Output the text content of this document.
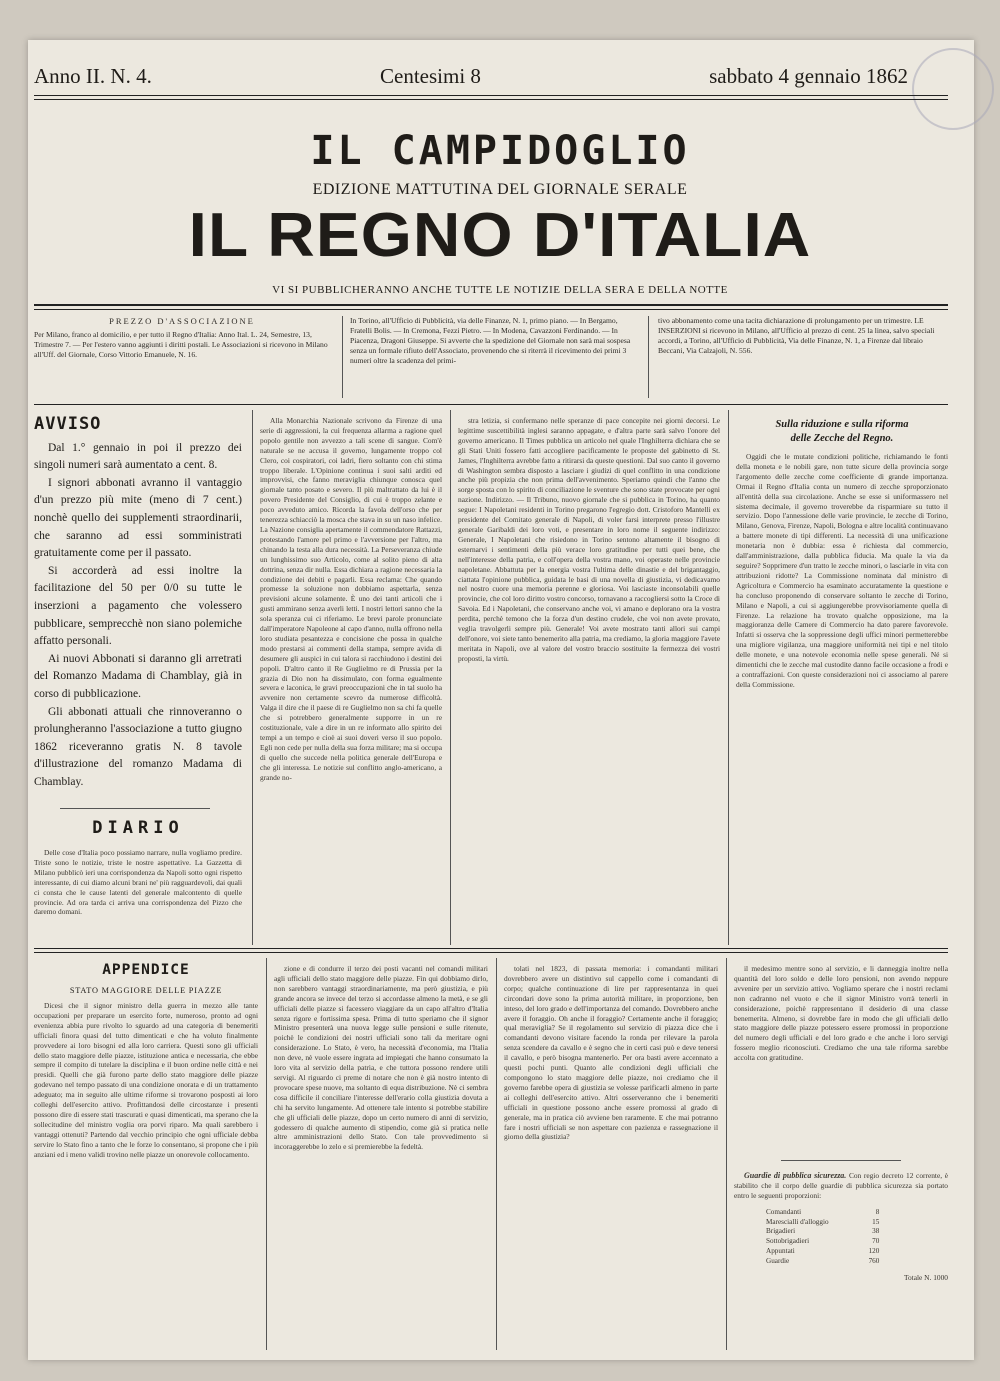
Anno II. N. 4.	Centesimi 8	sabbato 4 gennaio 1862
IL CAMPIDOGLIO
EDIZIONE MATTUTINA DEL GIORNALE SERALE
IL REGNO D'ITALIA
VI SI PUBBLICHERANNO ANCHE TUTTE LE NOTIZIE DELLA SERA E DELLA NOTTE
PREZZO D'ASSOCIAZIONE
Per Milano, franco al domicilio, e per tutto il Regno d'Italia: Anno Ital. L. 24, Semestre, 13, Trimestre 7. — Per l'estero vanno aggiunti i diritti postali. Le Associazioni si ricevono in Milano all'Uff. del Giornale, Corso Vittorio Emanuele, N. 16.
In Torino, all'Ufficio di Pubblicità, via delle Finanze, N. 1, primo piano. — In Bergamo, Fratelli Bolis. — In Cremona, Fezzi Pietro. — In Modena, Cavazzoni Ferdinando. — In Piacenza, Dragoni Giuseppe. Si avverte che la spedizione del Giornale non sarà mai sospesa senza un formale rifiuto dell'Associato, provenendo che si riterrà il ricevimento dei primi 3 numeri oltre la scadenza del primi-
tivo abbonamento come una tacita dichiarazione di prolungamento per un trimestre. LE INSERZIONI si ricevono in Milano, all'Ufficio al prezzo di cent. 25 la linea, salvo speciali accordi, a Torino, all'Ufficio di Pubblicità, Via delle Finanze, N. 1, a Firenze dal libraio Beccani, Via Calzajoli, N. 556.
AVVISO

Dal 1.° gennaio in poi il prezzo dei singoli numeri sarà aumentato a cent. 8.

I signori abbonati avranno il vantaggio d'un prezzo più mite (meno di 7 cent.) nonchè quello dei supplementi straordinarii, che saranno ad essi somministrati gratuitamente come per il passato.

Si accorderà ad essi inoltre la facilitazione del 50 per 0/0 su tutte le inserzioni a pagamento che volessero pubblicare, semprecchè non siano polemiche affatto personali.

Ai nuovi Abbonati si daranno gli arretrati del Romanzo Madama di Chamblay, già in corso di pubblicazione.

Gli abbonati attuali che rinnoveranno o prolungheranno l'associazione a tutto giugno 1862 riceveranno gratis N. 8 tavole d'illustrazione del romanzo Madama di Chamblay.

DIARIO

Delle cose d'Italia poco possiamo narrare, nulla vogliamo predire. Triste sono le notizie, triste le nostre aspettative. La Gazzetta di Milano pubblicò ieri una corrispondenza da Napoli sotto ogni rispetto interessante, di cui diamo alcuni brani ne' più ragguardevoli, dai quali ci consta che le cause latenti del generale malcontento di quelle provincie. Ad ora tarda ci arriva una corrispondenza del Pizzo che daremo domani.

Alla Monarchia Nazionale scrivono da Firenze di una serie di aggressioni, la cui frequenza allarma a ragione quel popolo gentile non avvezzo a tali scene di sangue. Com'è naturale se ne accusa il governo, lungamente troppo col Clero, coi cospiratori, coi ladri, fiero soltanto con chi stima troppo liberale. L'Opinione continua i suoi salti arditi ed improvvisi, che fanno meraviglia chiunque conosca quel giornale tanto posato e severo. Il più maltrattato da lui è il povero Presidente del Consiglio, di cui è troppo zelante e poco avveduto amico. Ricorda la favola dell'orso che per tenerezza schiacciò la mosca che stava in su un naso infelice. La Nazione consiglia apertamente il commendatore Rattazzi, protestando l'amore pel primo e l'avversione per l'altro, ma chinando la testa alla dura necessità. La Perseveranza chiude un lunghissimo suo Articolo, come al solito pieno di alta dottrina, senza dir nulla. Essa dichiara a ragione necessaria la condizione dei debiti e pagarli. Essa reclama: Che quando promesse la soluzione non dobbiamo aspettarla, senza previsioni alcune solamente. È uno dei tanti articoli che i gusti ammirano senza averli letti. I nostri lettori sanno che la sola speranza cui ci riferiamo. Le brevi parole pronunciate dall'imperatore Napoleone al capo d'anno, nulla offrono nella loro studiata pesantezza e concisione che possa in qualche modo prestarsi ai commenti della stampa, sempre avida di desumere gli auspici in cui talora si racchiudono i destini dei popoli. D'altro canto il Re Guglielmo re di Prussia per la grazia di Dio non ha dissimulato, con forma egualmente severa e laconica, le gravi preoccupazioni che in tal suolo ha avvenire non certamente scevro da numerose difficoltà. Valga il dire che il paese di re Guglielmo non sa chi fa quelle che si potrebbero generalmente supporre in un re costituzionale, vale a dire in un re informato allo spirito dei tempi a un tempo e cioè ai suoi doveri verso il suo popolo. Egli non cede per nulla della sua forza militare; ma si occupa di quello che succede nella politica generale dell'Europa e che gli interessa. Le notizie sul conflitto anglo-americano, a grande no-

stra letizia, si confermano nelle speranze di pace concepite nei giorni decorsi. Le legittime suscettibilità inglesi saranno appagate, e d'altra parte sarà salvo l'onore del governo americano. Il Times pubblica un articolo nel quale l'Inghilterra dichiara che se gli Stati Uniti fossero fatti accogliere pacificamente le proposte del gabinetto di St. James, l'Inghilterra avrebbe fatto a ritirarsi da queste questioni. Dal suo canto il governo di Washington sembra disposto a lasciare i giudizi di quel conflitto in una condizione anche più propizia che non prima dell'avvenimento. Speriamo quindi che l'anno che sorge sposta con lo spirito di conciliazione le sventure che sono state provocate per ogni nazione. Indirizzo. — Il Tribuno, nuovo giornale che si pubblica in Torino, ha quanto segue: I Napoletani residenti in Torino pregarono l'egregio dott. Cristoforo Mantelli ex presidente del Comitato generale di Napoli, di voler farsi interprete presso l'illustre generale Garibaldi dei loro voti, e presentare in loro nome il seguente indirizzo: Generale, I Napoletani che risiedono in Torino sentono altamente il bisogno di esternarvi i sentimenti della più verace loro gratitudine per tutti quei bene, che nell'interesse della patria, e coll'opera della vostra mano, voi operaste nelle provincie napoletane. Abbattuta per la energia vostra l'ultima delle dinastie e del brigantaggio, ciattata l'opinione pubblica, guidata le basi di una novella di giustizia, vi dedicavamo nel nostro cuore una memoria perenne e gloriosa. Voi lasciaste inconsolabili quelle provincie, che col loro diritto vostro concorso, tornavano a raccogliersi sotto la Croce di Savoia. Ed i Napoletani, che conservano anche voi, vi amano e deplorano ora la vostra perdita, perchè temono che la forza d'un destino crudele, che voi non avete provato, veglia travolgerli sempre più. Generale! Voi avete mostrato tanti allori sui campi dell'onore, voi siete tanto benemerito alla patria, ma crediamo, la gloria maggiore l'avete meritata in Napoli, ove al valore del vostro braccio sostituite la fermezza dei vostri proposti, la virtù.

Sulla riduzione e sulla riforma
delle Zecche del Regno.

Oggidì che le mutate condizioni politiche, richiamando le fonti della moneta e le nobili gare, non tutte sicure della provincia sorge l'argomento delle zecche come coefficiente di grande importanza. Ormai il Regno d'Italia conta un numero di zecche sproporzionato all'entità della sua circolazione. Anche se esse si uniformassero nel sistema decimale, il governo troverebbe da risparmiare su tutto il servizio. Dopo l'annessione delle varie provincie, le zecche di Torino, Milano, Genova, Firenze, Napoli, Bologna e altre località continuavano a battere monete di tipi differenti. La necessità di una unificazione monetaria non è dubbia: essa è richiesta dal commercio, dall'amministrazione, dalla pubblica fiducia. Ma quale la via da seguire? Sopprimere d'un tratto le zecche minori, o lasciarle in vita con attribuzioni ridotte? La Commissione nominata dal ministro di Agricoltura e Commercio ha esaminato accuratamente la questione e ha concluso proponendo di conservare soltanto le zecche di Torino, Milano e Napoli, a cui si aggiungerebbe provvisoriamente quella di Firenze. La relazione ha trovato qualche opposizione, ma la maggioranza delle Camere di Commercio ha dato parere favorevole. Infatti si osserva che la soppressione degli uffici minori permetterebbe una migliore vigilanza, una maggiore uniformità nei tipi e nel titolo delle monete, e una notevole economia nelle spese generali. Né si dimentichi che le zecche mal custodite danno facile occasione a frodi e a contraffazioni. Con queste considerazioni noi ci associamo al parere della Commissione.

APPENDICE
STATO MAGGIORE DELLE PIAZZE

Dicesi che il signor ministro della guerra in mezzo alle tante occupazioni per preparare un esercito forte, numeroso, pronto ad ogni evenienza abbia pure rivolto lo sguardo ad una categoria di benemeriti ufficiali finora quasi del tutto dimenticati e che ha voluto finalmente provvedere ai loro bisogni ed alla loro carriera. Questi sono gli ufficiali dello stato maggiore delle piazze, istituzione antica e necessaria, che ebbe sempre il compito di tutelare la disciplina e il buon ordine nelle città e nei presidi. Quelli che già furono parte dello stato maggiore delle piazze godevano nel tempo passato di una condizione onorata e di un trattamento adeguato; ma in seguito alle ultime riforme si trovarono posposti ai loro colleghi dell'esercito attivo. Profittandosi delle circostanze i presenti possono dire di essere stati trascurati e quasi dimenticati, ma sperano che la sollecitudine del ministro voglia ora porvi riparo. Ma quali sarebbero i vantaggi ottenuti? Partendo dal vecchio principio che ogni ufficiale debba servire lo Stato fino a tanto che le forze lo consentano, si propone che i più anziani ed i meno validi trovino nelle piazze un onorevole collocamento.

zione e di condurre il terzo dei posti vacanti nel comandi militari agli ufficiali dello stato maggiore delle piazze. Fin qui dobbiamo dirlo, non sarebbero vantaggi straordinariamente, ma però giustizia, e più grande ancora se invece del terzo si accordasse almeno la metà, e se gli ufficiali delle piazze si facessero viaggiare da un capo all'altro d'Italia senza rigore e fortissima spesa. Prima di tutto speriamo che il signor Ministro presenterà una nuova legge sulle pensioni e sulle ritenute, poichè le condizioni dei nostri ufficiali sono tali da meritare ogni considerazione. Lo Stato, è vero, ha necessità d'economia, ma l'Italia non deve, nè vuole essere ingrata ad impiegati che hanno consumato la loro vita al servizio della patria, e che tuttora possono rendere utili servigi. Al riguardo ci preme di notare che non è già nostro intento di provocare spese nuove, ma soltanto di equa distribuzione. Nè ci sembra cosa difficile il conciliare l'interesse dell'erario colla giustizia dovuta a chi ha servito lungamente. Ad ottenere tale intento si potrebbe stabilire che gli ufficiali delle piazze, dopo un certo numero di anni di servizio, godessero di qualche aumento di stipendio, come già si pratica nelle altre amministrazioni dello Stato. Con tale provvedimento si incoraggerebbe lo zelo e si premierebbe la fedeltà.

tolati nel 1823, di passata memoria: i comandanti militari dovrebbero avere un distintivo sul cappello come i comandanti di corpo; qualche continuazione di lire per rappresentanza in quei circondari dove sono la prima autorità militare, in proporzione, ben inteso, del loro grado e dell'importanza del comando. Dovrebbero anche avere il foraggio. Oh anche il foraggio? Certamente anche il foraggio; qual meraviglia? Se il regolamento sul servizio di piazza dice che i comandanti devono visitare facendo la ronda per rilevare la parola senza scendere da cavallo e è segno che in certi casi può e deve tenersi il cavallo, e però bisogna mantenerlo. Per ora basti avere accennato a questi pochi punti. Quanto alle condizioni degli ufficiali che compongono lo stato maggiore delle piazze, noi crediamo che il governo farebbe opera di giustizia se volesse parificarli almeno in parte ai colleghi dell'esercito attivo. Altri osserveranno che i benemeriti ufficiali in questione possono anche essere promossi al grado di generale, ma in pratica ciò avviene ben raramente. E che mai potranno fare i nostri ufficiali se non aspettare con pazienza e rassegnazione il giorno della giustizia?

il medesimo mentre sono al servizio, e li danneggia inoltre nella quantità del loro soldo e delle loro pensioni, non avendo neppure avvenire per un servizio attivo. Vogliamo sperare che i nostri reclami non cadranno nel vuoto e che il signor Ministro vorrà tenerli in considerazione, poichè rappresentano il desiderio di una classe benemerita. Almeno, si dovrebbe fare in modo che gli ufficiali dello stato maggiore delle piazze potessero essere promossi in proporzione del numero degli ufficiali e del loro grado e che anche i loro servigi fossero meglio riconosciuti. Crediamo che una tale riforma sarebbe accolta con gratitudine.

Guardie di pubblica sicurezza. Con regio decreto 12 corrente, è stabilito che il corpo delle guardie di pubblica sicurezza sia portato entro le seguenti proporzioni:

Comandanti	8
Marescialli d'alloggio	15
Brigadieri	38
Sottobrigadieri	70
Appuntati	120
Guardie	760
Totale N. 1000
